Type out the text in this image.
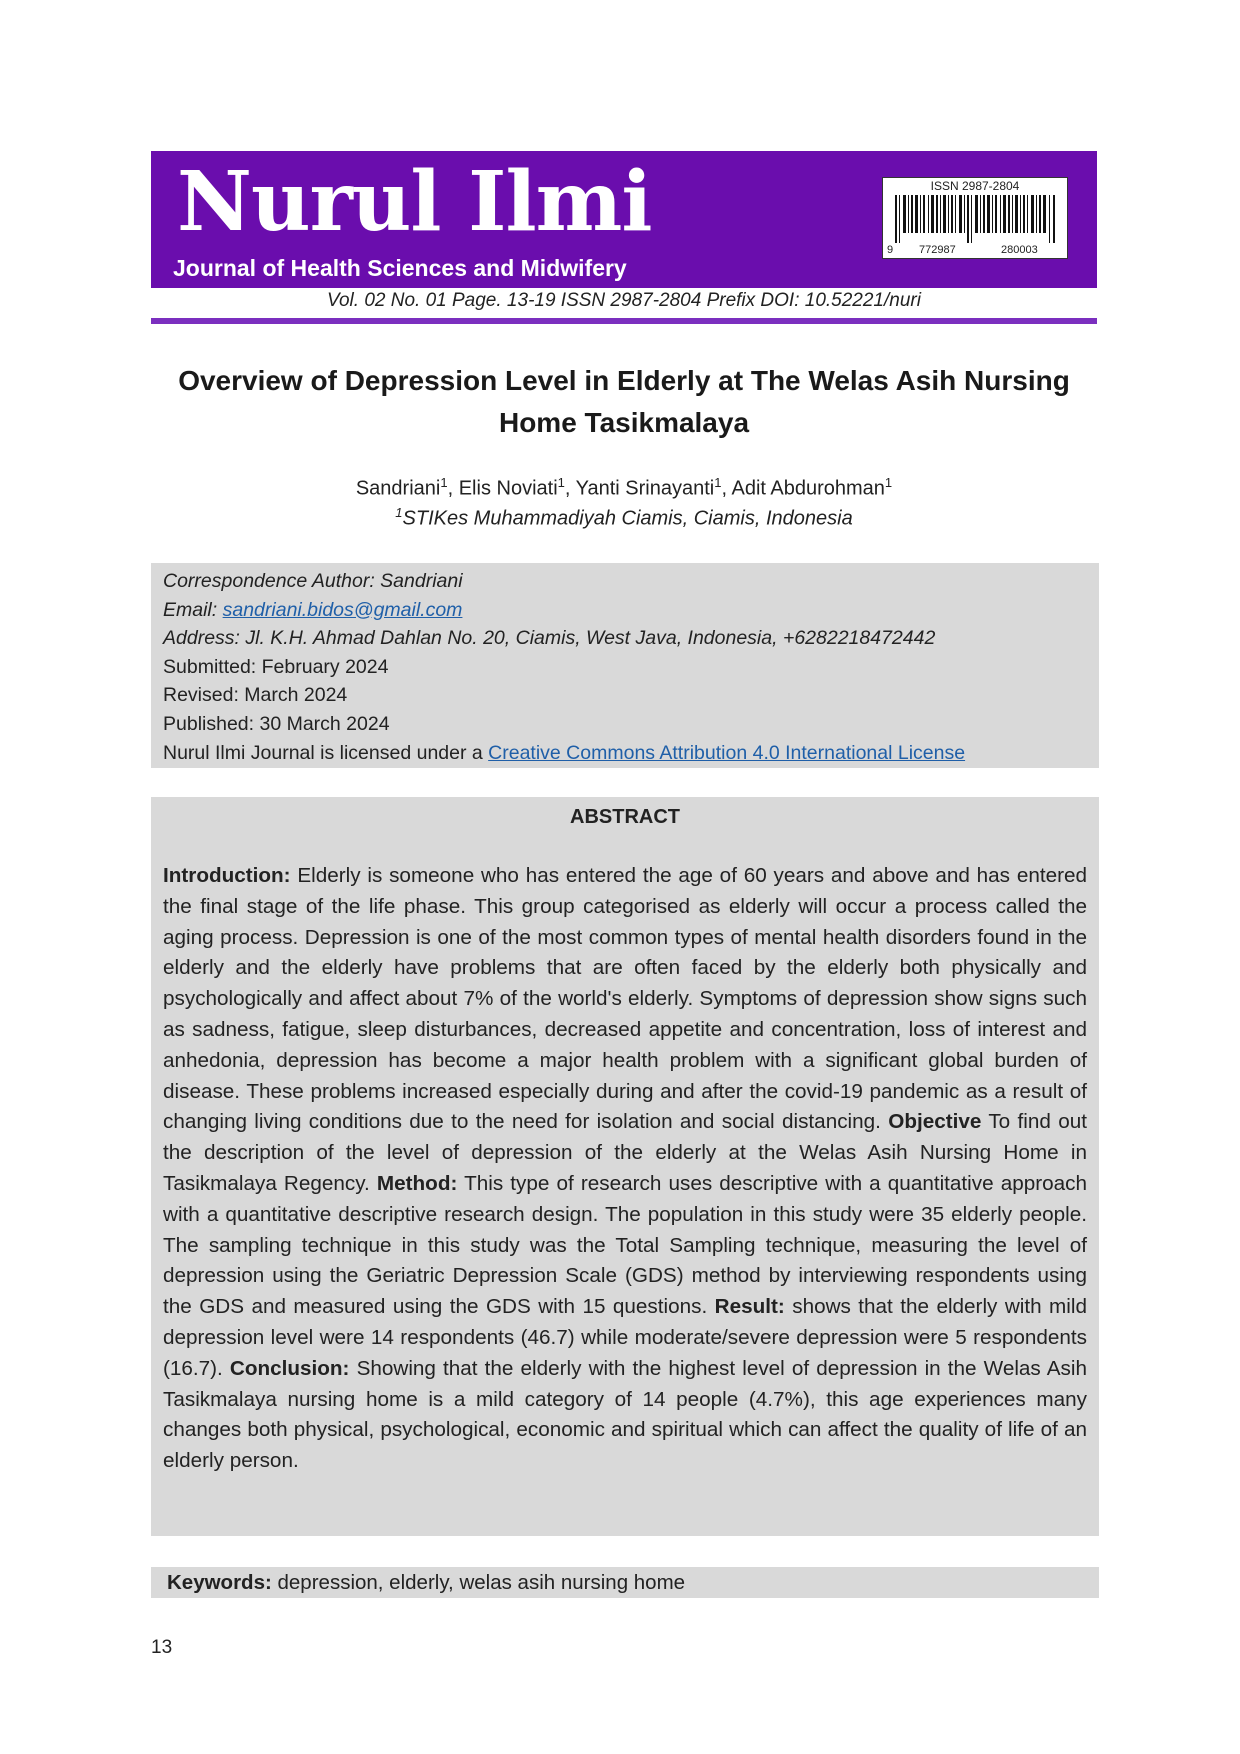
Nurul Ilmi
Journal of Health Sciences and Midwifery
ISSN 2987-2804
9 772987	280003
Vol. 02 No. 01 Page. 13-19 ISSN 2987-2804 Prefix DOI: 10.52221/nuri
Overview of Depression Level in Elderly at The Welas Asih Nursing Home Tasikmalaya
Sandriani$^1$, Elis Noviati$^1$, Yanti Srinayanti$^1$, Adit Abdurohman$^1$
$^1$STIKes Muhammadiyah Ciamis, Ciamis, Indonesia
Correspondence Author: Sandriani
Email: sandriani.bidos@gmail.com
Address: Jl. K.H. Ahmad Dahlan No. 20, Ciamis, West Java, Indonesia, +6282218472442
Submitted: February 2024
Revised: March 2024
Published: 30 March 2024
Nurul Ilmi Journal is licensed under a Creative Commons Attribution 4.0 International License
ABSTRACT
Introduction: Elderly is someone who has entered the age of 60 years and above and has entered the final stage of the life phase. This group categorised as elderly will occur a process called the aging process. Depression is one of the most common types of mental health disorders found in the elderly and the elderly have problems that are often faced by the elderly both physically and psychologically and affect about 7% of the world's elderly. Symptoms of depression show signs such as sadness, fatigue, sleep disturbances, decreased appetite and concentration, loss of interest and anhedonia, depression has become a major health problem with a significant global burden of disease. These problems increased especially during and after the covid-19 pandemic as a result of changing living conditions due to the need for isolation and social distancing. Objective To find out the description of the level of depression of the elderly at the Welas Asih Nursing Home in Tasikmalaya Regency. Method: This type of research uses descriptive with a quantitative approach with a quantitative descriptive research design. The population in this study were 35 elderly people. The sampling technique in this study was the Total Sampling technique, measuring the level of depression using the Geriatric Depression Scale (GDS) method by interviewing respondents using the GDS and measured using the GDS with 15 questions. Result: shows that the elderly with mild depression level were 14 respondents (46.7) while moderate/severe depression were 5 respondents (16.7). Conclusion: Showing that the elderly with the highest level of depression in the Welas Asih Tasikmalaya nursing home is a mild category of 14 people (4.7%), this age experiences many changes both physical, psychological, economic and spiritual which can affect the quality of life of an elderly person.
Keywords: depression, elderly, welas asih nursing home
13
